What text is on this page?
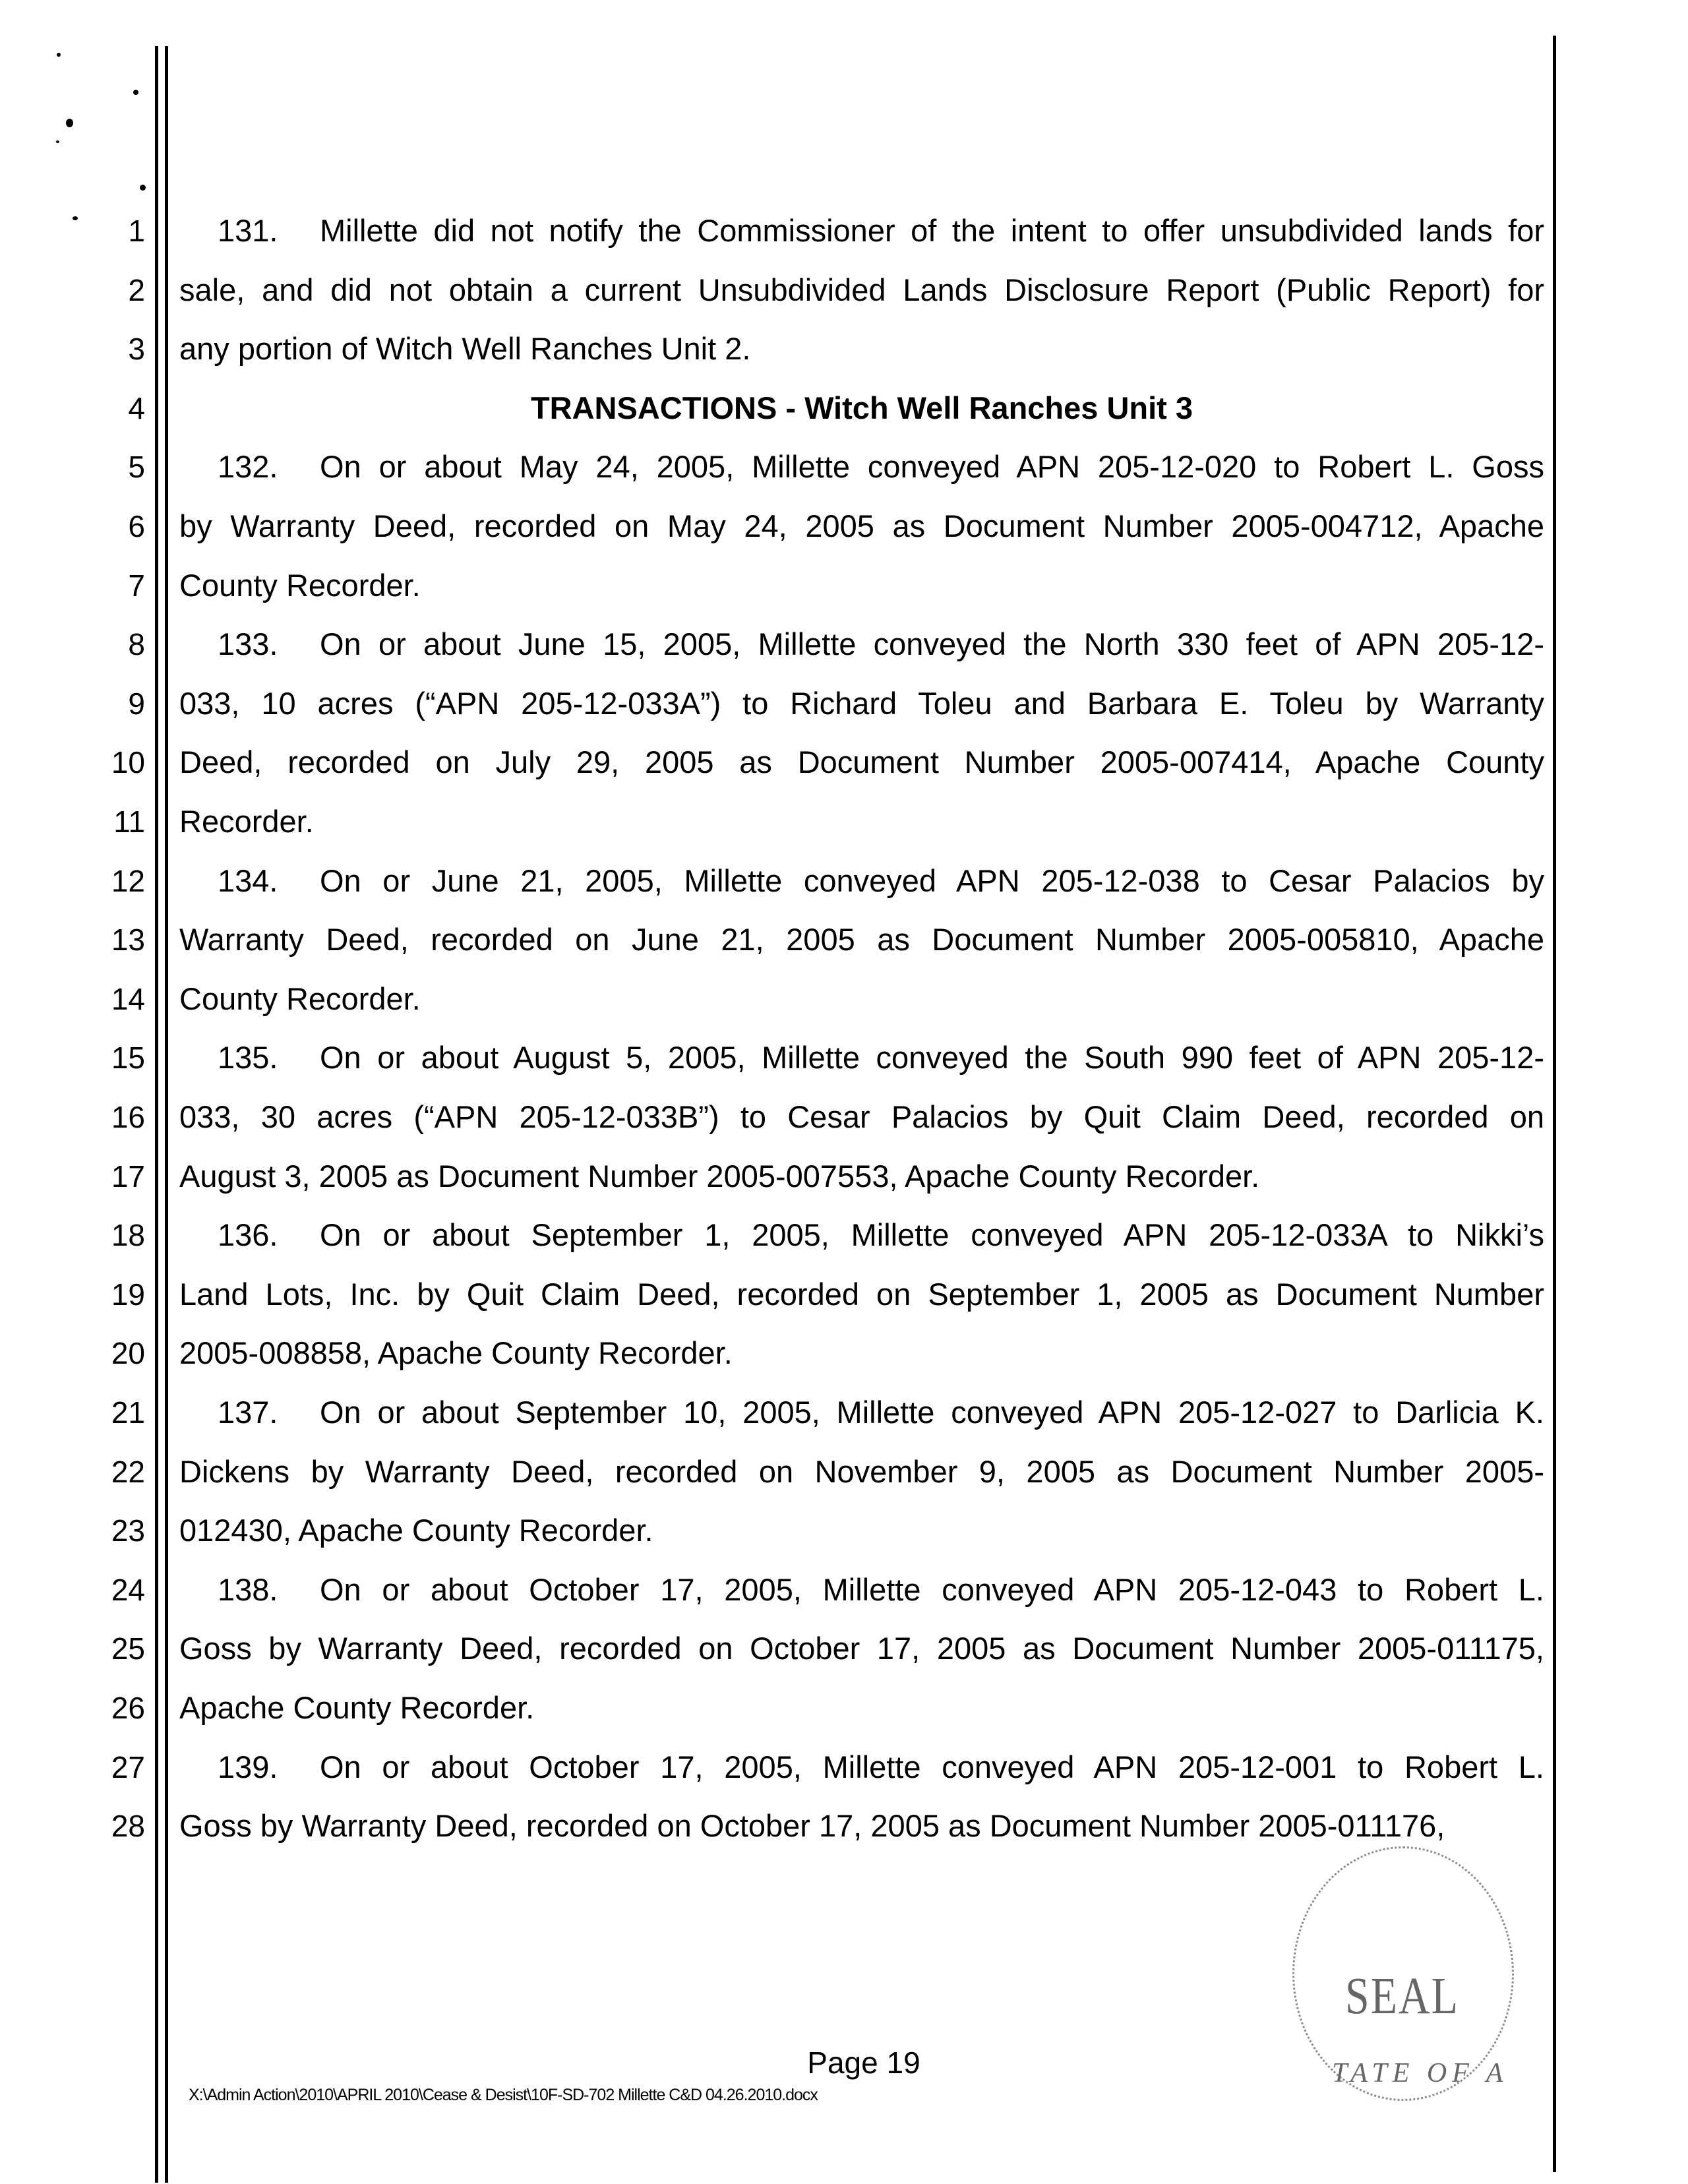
1
2
3
4
5
6
7
8
9
10
11
12
13
14
15
16
17
18
19
20
21
22
23
24
25
26
27
28
131. Millette did not notify the Commissioner of the intent to offer unsubdivided lands for
sale, and did not obtain a current Unsubdivided Lands Disclosure Report (Public Report) for
any portion of Witch Well Ranches Unit 2.
TRANSACTIONS - Witch Well Ranches Unit 3
132. On or about May 24, 2005, Millette conveyed APN 205-12-020 to Robert L. Goss
by Warranty Deed, recorded on May 24, 2005 as Document Number 2005-004712, Apache
County Recorder.
133. On or about June 15, 2005, Millette conveyed the North 330 feet of APN 205-12-
033, 10 acres (“APN 205-12-033A”) to Richard Toleu and Barbara E. Toleu by Warranty
Deed, recorded on July 29, 2005 as Document Number 2005-007414, Apache County
Recorder.
134. On or June 21, 2005, Millette conveyed APN 205-12-038 to Cesar Palacios by
Warranty Deed, recorded on June 21, 2005 as Document Number 2005-005810, Apache
County Recorder.
135. On or about August 5, 2005, Millette conveyed the South 990 feet of APN 205-12-
033, 30 acres (“APN 205-12-033B”) to Cesar Palacios by Quit Claim Deed, recorded on
August 3, 2005 as Document Number 2005-007553, Apache County Recorder.
136. On or about September 1, 2005, Millette conveyed APN 205-12-033A to Nikki’s
Land Lots, Inc. by Quit Claim Deed, recorded on September 1, 2005 as Document Number
2005-008858, Apache County Recorder.
137. On or about September 10, 2005, Millette conveyed APN 205-12-027 to Darlicia K.
Dickens by Warranty Deed, recorded on November 9, 2005 as Document Number 2005-
012430, Apache County Recorder.
138. On or about October 17, 2005, Millette conveyed APN 205-12-043 to Robert L.
Goss by Warranty Deed, recorded on October 17, 2005 as Document Number 2005-011175,
Apache County Recorder.
139. On or about October 17, 2005, Millette conveyed APN 205-12-001 to Robert L.
Goss by Warranty Deed, recorded on October 17, 2005 as Document Number 2005-011176,
Page 19
X:\Admin Action\2010\APRIL 2010\Cease & Desist\10F-SD-702 Millette C&D 04.26.2010.docx
SEAL
TATE OF A
